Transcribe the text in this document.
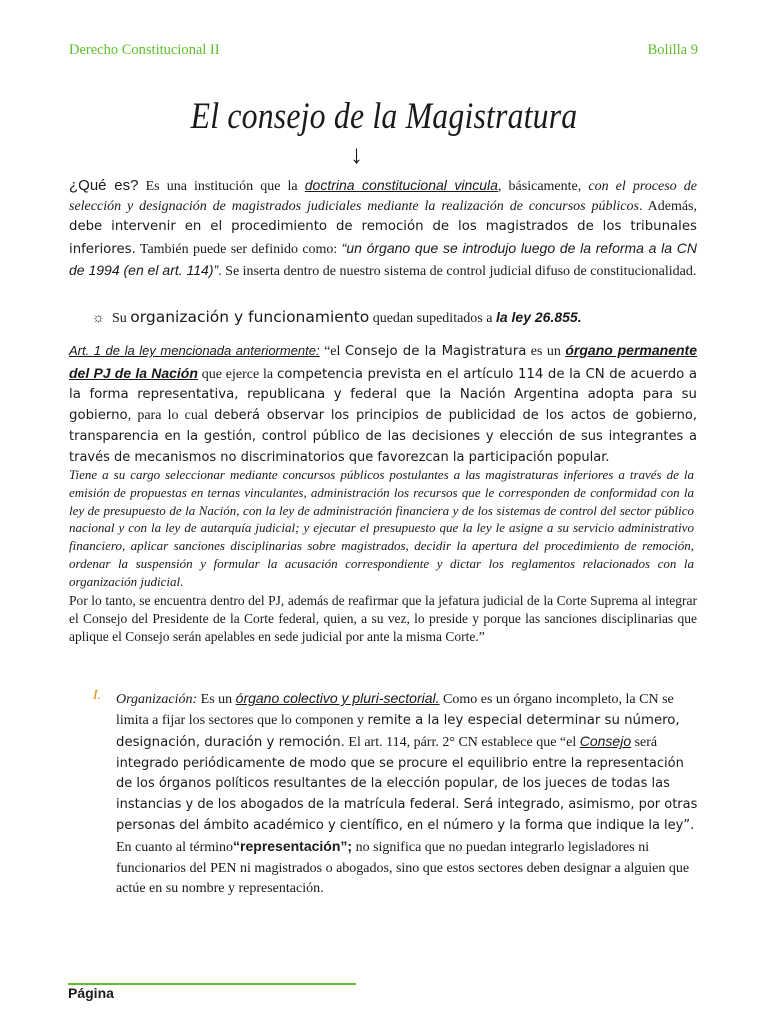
Derecho Constitucional II	Bolilla 9
El consejo de la Magistratura
↓
¿Qué es? Es una institución que la doctrina constitucional vincula, básicamente, con el proceso de selección y designación de magistrados judiciales mediante la realización de concursos públicos. Además, debe intervenir en el procedimiento de remoción de los magistrados de los tribunales inferiores. También puede ser definido como: “un órgano que se introdujo luego de la reforma a la CN de 1994 (en el art. 114)”. Se inserta dentro de nuestro sistema de control judicial difuso de constitucionalidad.
☼ Su organización y funcionamiento quedan supeditados a la ley 26.855.
Art. 1 de la ley mencionada anteriormente: “el Consejo de la Magistratura es un órgano permanente del PJ de la Nación que ejerce la competencia prevista en el artículo 114 de la CN de acuerdo a la forma representativa, republicana y federal que la Nación Argentina adopta para su gobierno, para lo cual deberá observar los principios de publicidad de los actos de gobierno, transparencia en la gestión, control público de las decisiones y elección de sus integrantes a través de mecanismos no discriminatorios que favorezcan la participación popular.
Tiene a su cargo seleccionar mediante concursos públicos postulantes a las magistraturas inferiores a través de la emisión de propuestas en ternas vinculantes, administración los recursos que le corresponden de conformidad con la ley de presupuesto de la Nación, con la ley de administración financiera y de los sistemas de control del sector público nacional y con la ley de autarquía judicial; y ejecutar el presupuesto que la ley le asigne a su servicio administrativo financiero, aplicar sanciones disciplinarias sobre magistrados, decidir la apertura del procedimiento de remoción, ordenar la suspensión y formular la acusación correspondiente y dictar los reglamentos relacionados con la organización judicial.
Por lo tanto, se encuentra dentro del PJ, además de reafirmar que la jefatura judicial de la Corte Suprema al integrar el Consejo del Presidente de la Corte federal, quien, a su vez, lo preside y porque las sanciones disciplinarias que aplique el Consejo serán apelables en sede judicial por ante la misma Corte.”
I. Organización: Es un órgano colectivo y pluri-sectorial. Como es un órgano incompleto, la CN se limita a fijar los sectores que lo componen y remite a la ley especial determinar su número, designación, duración y remoción. El art. 114, párr. 2° CN establece que “el Consejo será integrado periódicamente de modo que se procure el equilibrio entre la representación de los órganos políticos resultantes de la elección popular, de los jueces de todas las instancias y de los abogados de la matrícula federal. Será integrado, asimismo, por otras personas del ámbito académico y científico, en el número y la forma que indique la ley”.
En cuanto al término“representación”; no significa que no puedan integrarlo legisladores ni funcionarios del PEN ni magistrados o abogados, sino que estos sectores deben designar a alguien que actúe en su nombre y representación.
Página
